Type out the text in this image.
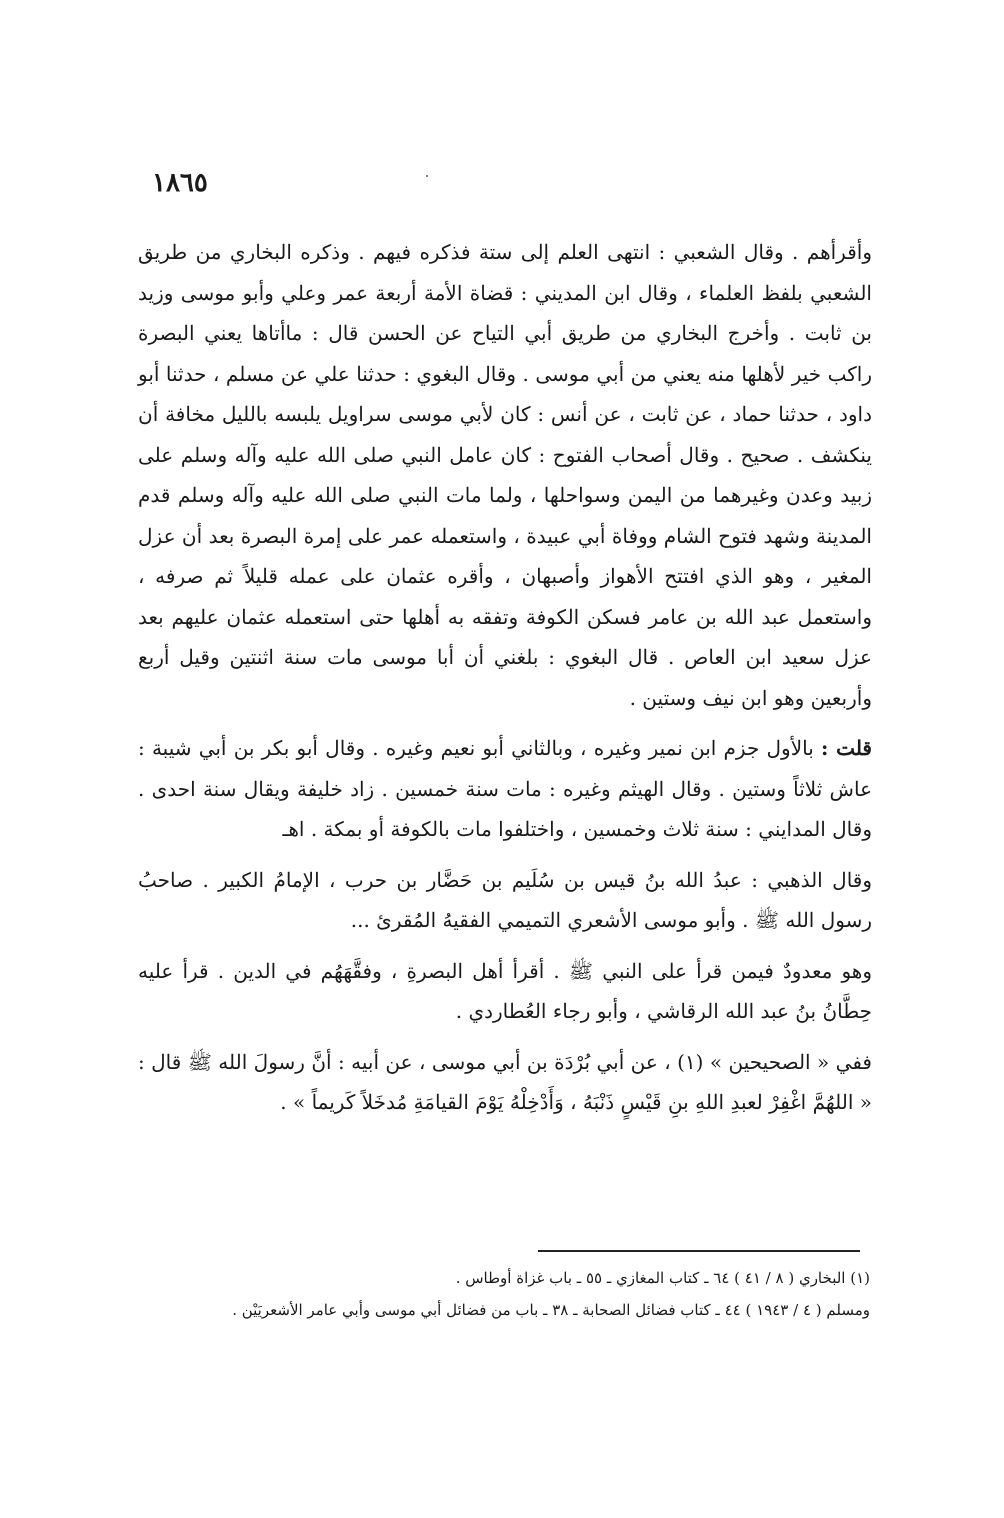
١٨٦٥

وأقرأهم . وقال الشعبي : انتهى العلم إلى ستة فذكره فيهم . وذكره البخاري من طريق الشعبي بلفظ العلماء ، وقال ابن المديني : قضاة الأمة أربعة عمر وعلي وأبو موسى وزيد بن ثابت . وأخرج البخاري من طريق أبي التياح عن الحسن قال : ماأتاها يعني البصرة راكب خير لأهلها منه يعني من أبي موسى . وقال البغوي : حدثنا علي عن مسلم ، حدثنا أبو داود ، حدثنا حماد ، عن ثابت ، عن أنس : كان لأبي موسى سراويل يلبسه بالليل مخافة أن ينكشف . صحيح . وقال أصحاب الفتوح : كان عامل النبي صلى الله عليه وآله وسلم على زبيد وعدن وغيرهما من اليمن وسواحلها ، ولما مات النبي صلى الله عليه وآله وسلم قدم المدينة وشهد فتوح الشام ووفاة أبي عبيدة ، واستعمله عمر على إمرة البصرة بعد أن عزل المغير ، وهو الذي افتتح الأهواز وأصبهان ، وأقره عثمان على عمله قليلاً ثم صرفه ، واستعمل عبد الله بن عامر فسكن الكوفة وتفقه به أهلها حتى استعمله عثمان عليهم بعد عزل سعيد ابن العاص . قال البغوي : بلغني أن أبا موسى مات سنة اثنتين وقيل أربع وأربعين وهو ابن نيف وستين .

قلت : بالأول جزم ابن نمير وغيره ، وبالثاني أبو نعيم وغيره . وقال أبو بكر بن أبي شيبة : عاش ثلاثاً وستين . وقال الهيثم وغيره : مات سنة خمسين . زاد خليفة ويقال سنة احدى . وقال المدايني : سنة ثلاث وخمسين ، واختلفوا مات بالكوفة أو بمكة . اهـ

وقال الذهبي : عبدُ الله بنُ قيس بن سُلَيم بن حَضَّار بن حرب ، الإمامُ الكبير . صاحبُ رسول الله ﷺ . وأبو موسى الأشعري التميمي الفقيهُ المُقرئ ...

وهو معدودٌ فيمن قرأ على النبي ﷺ . أقرأ أهل البصرةِ ، وفقَّهَهُم في الدين . قرأ عليه حِطَّانُ بنُ عبد الله الرقاشي ، وأبو رجاء العُطاردي .

ففي « الصحيحين » (١) ، عن أبي بُرْدَة بن أبي موسى ، عن أبيه : أنَّ رسولَ الله ﷺ قال : « اللهُمَّ اغْفِرْ لعبدِ اللهِ بنِ قَيْسٍ ذَنْبَهُ ، وَأَدْخِلْهُ يَوْمَ القيامَةِ مُدخَلاً كَريماً » .

(١) البخاري ( ٨ / ٤١ ) ٦٤ ـ كتاب المغازي ـ ٥٥ ـ باب غزاة أوطاس .

ومسلم ( ٤ / ١٩٤٣ ) ٤٤ ـ كتاب فضائل الصحابة ـ ٣٨ ـ باب من فضائل أبي موسى وأبي عامر الأشعريَيْن .
